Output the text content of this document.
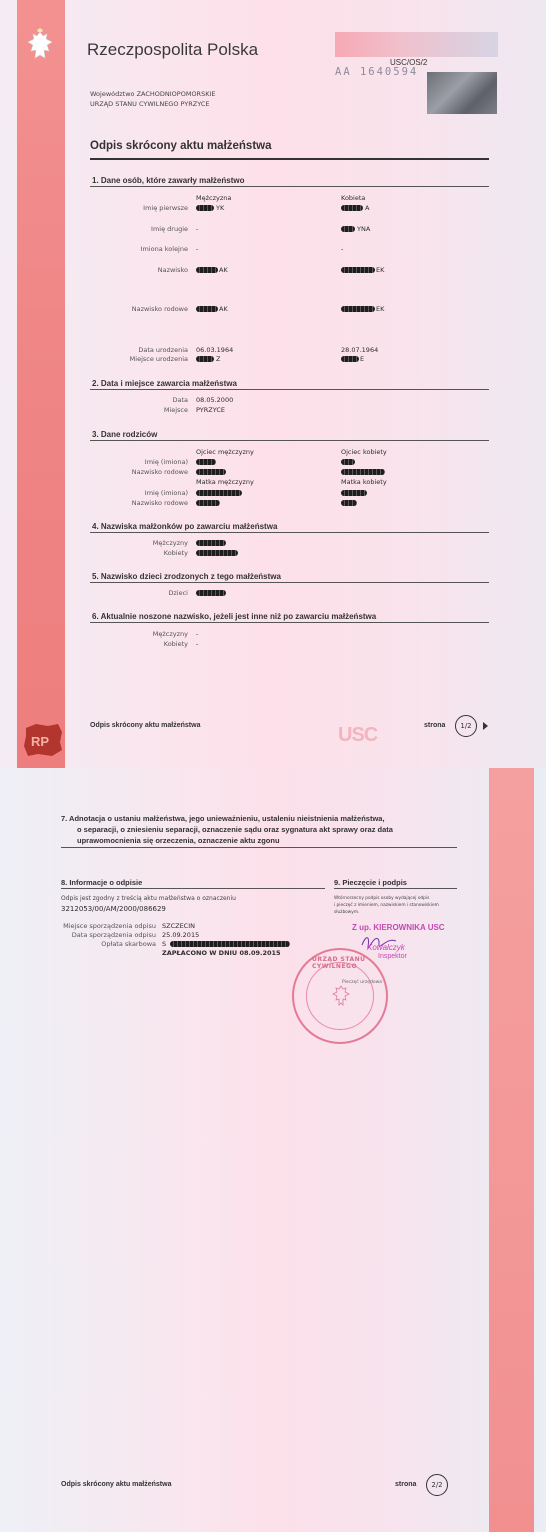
Rzeczpospolita Polska
USC/OS/2
AA 1640594
Województwo ZACHODNIOPOMORSKIE
URZĄD STANU CYWILNEGO PYRZYCE
Odpis skrócony aktu małżeństwa
1. Dane osób, które zawarły małżeństwo
Mężczyzna	Kobieta
Imię pierwsze	YK	A
Imię drugie -	YNA
Imiona kolejne -	-
Nazwisko	AK	EK
Nazwisko rodowe	AK	EK
Data urodzenia 06.03.1964	28.07.1964
Miejsce urodzenia	Z	E
2. Data i miejsce zawarcia małżeństwa
Data 08.05.2000
Miejsce PYRZYCE
3. Dane rodziców
Ojciec mężczyzny	Ojciec kobiety
Imię (imiona)
Nazwisko rodowe
Matka mężczyzny	Matka kobiety
Imię (imiona)
Nazwisko rodowe
4. Nazwiska małżonków po zawarciu małżeństwa
Mężczyzny
Kobiety
5. Nazwisko dzieci zrodzonych z tego małżeństwa
Dzieci
6. Aktualnie noszone nazwisko, jeżeli jest inne niż po zawarciu małżeństwa
Mężczyzny -
Kobiety -
RP
Odpis skrócony aktu małżeństwa	USC	strona	1/2
7. Adnotacja o ustaniu małżeństwa, jego unieważnieniu, ustaleniu nieistnienia małżeństwa,
o separacji, o zniesieniu separacji, oznaczenie sądu oraz sygnatura akt sprawy oraz data
uprawomocnienia się orzeczenia, oznaczenie aktu zgonu
8. Informacje o odpisie
Odpis jest zgodny z treścią aktu małżeństwa o oznaczeniu
3212053/00/AM/2000/086629
Miejsce sporządzenia odpisu SZCZECIN
Data sporządzenia odpisu 25.09.2015
Opłata skarbowa S
ZAPŁACONO W DNIU 08.09.2015
9. Pieczęcie i podpis
Wtórnorzecny podpis osoby wydającej odpis
i pieczęć z imieniem, nazwiskiem i stanowiskiem
służbowym.
Z up. KIEROWNIKA USC
Kowalczyk
Inspektor
URZĄD STANU CYWILNEGO
Pieczęć urzędowa
Odpis skrócony aktu małżeństwa	strona	2/2
